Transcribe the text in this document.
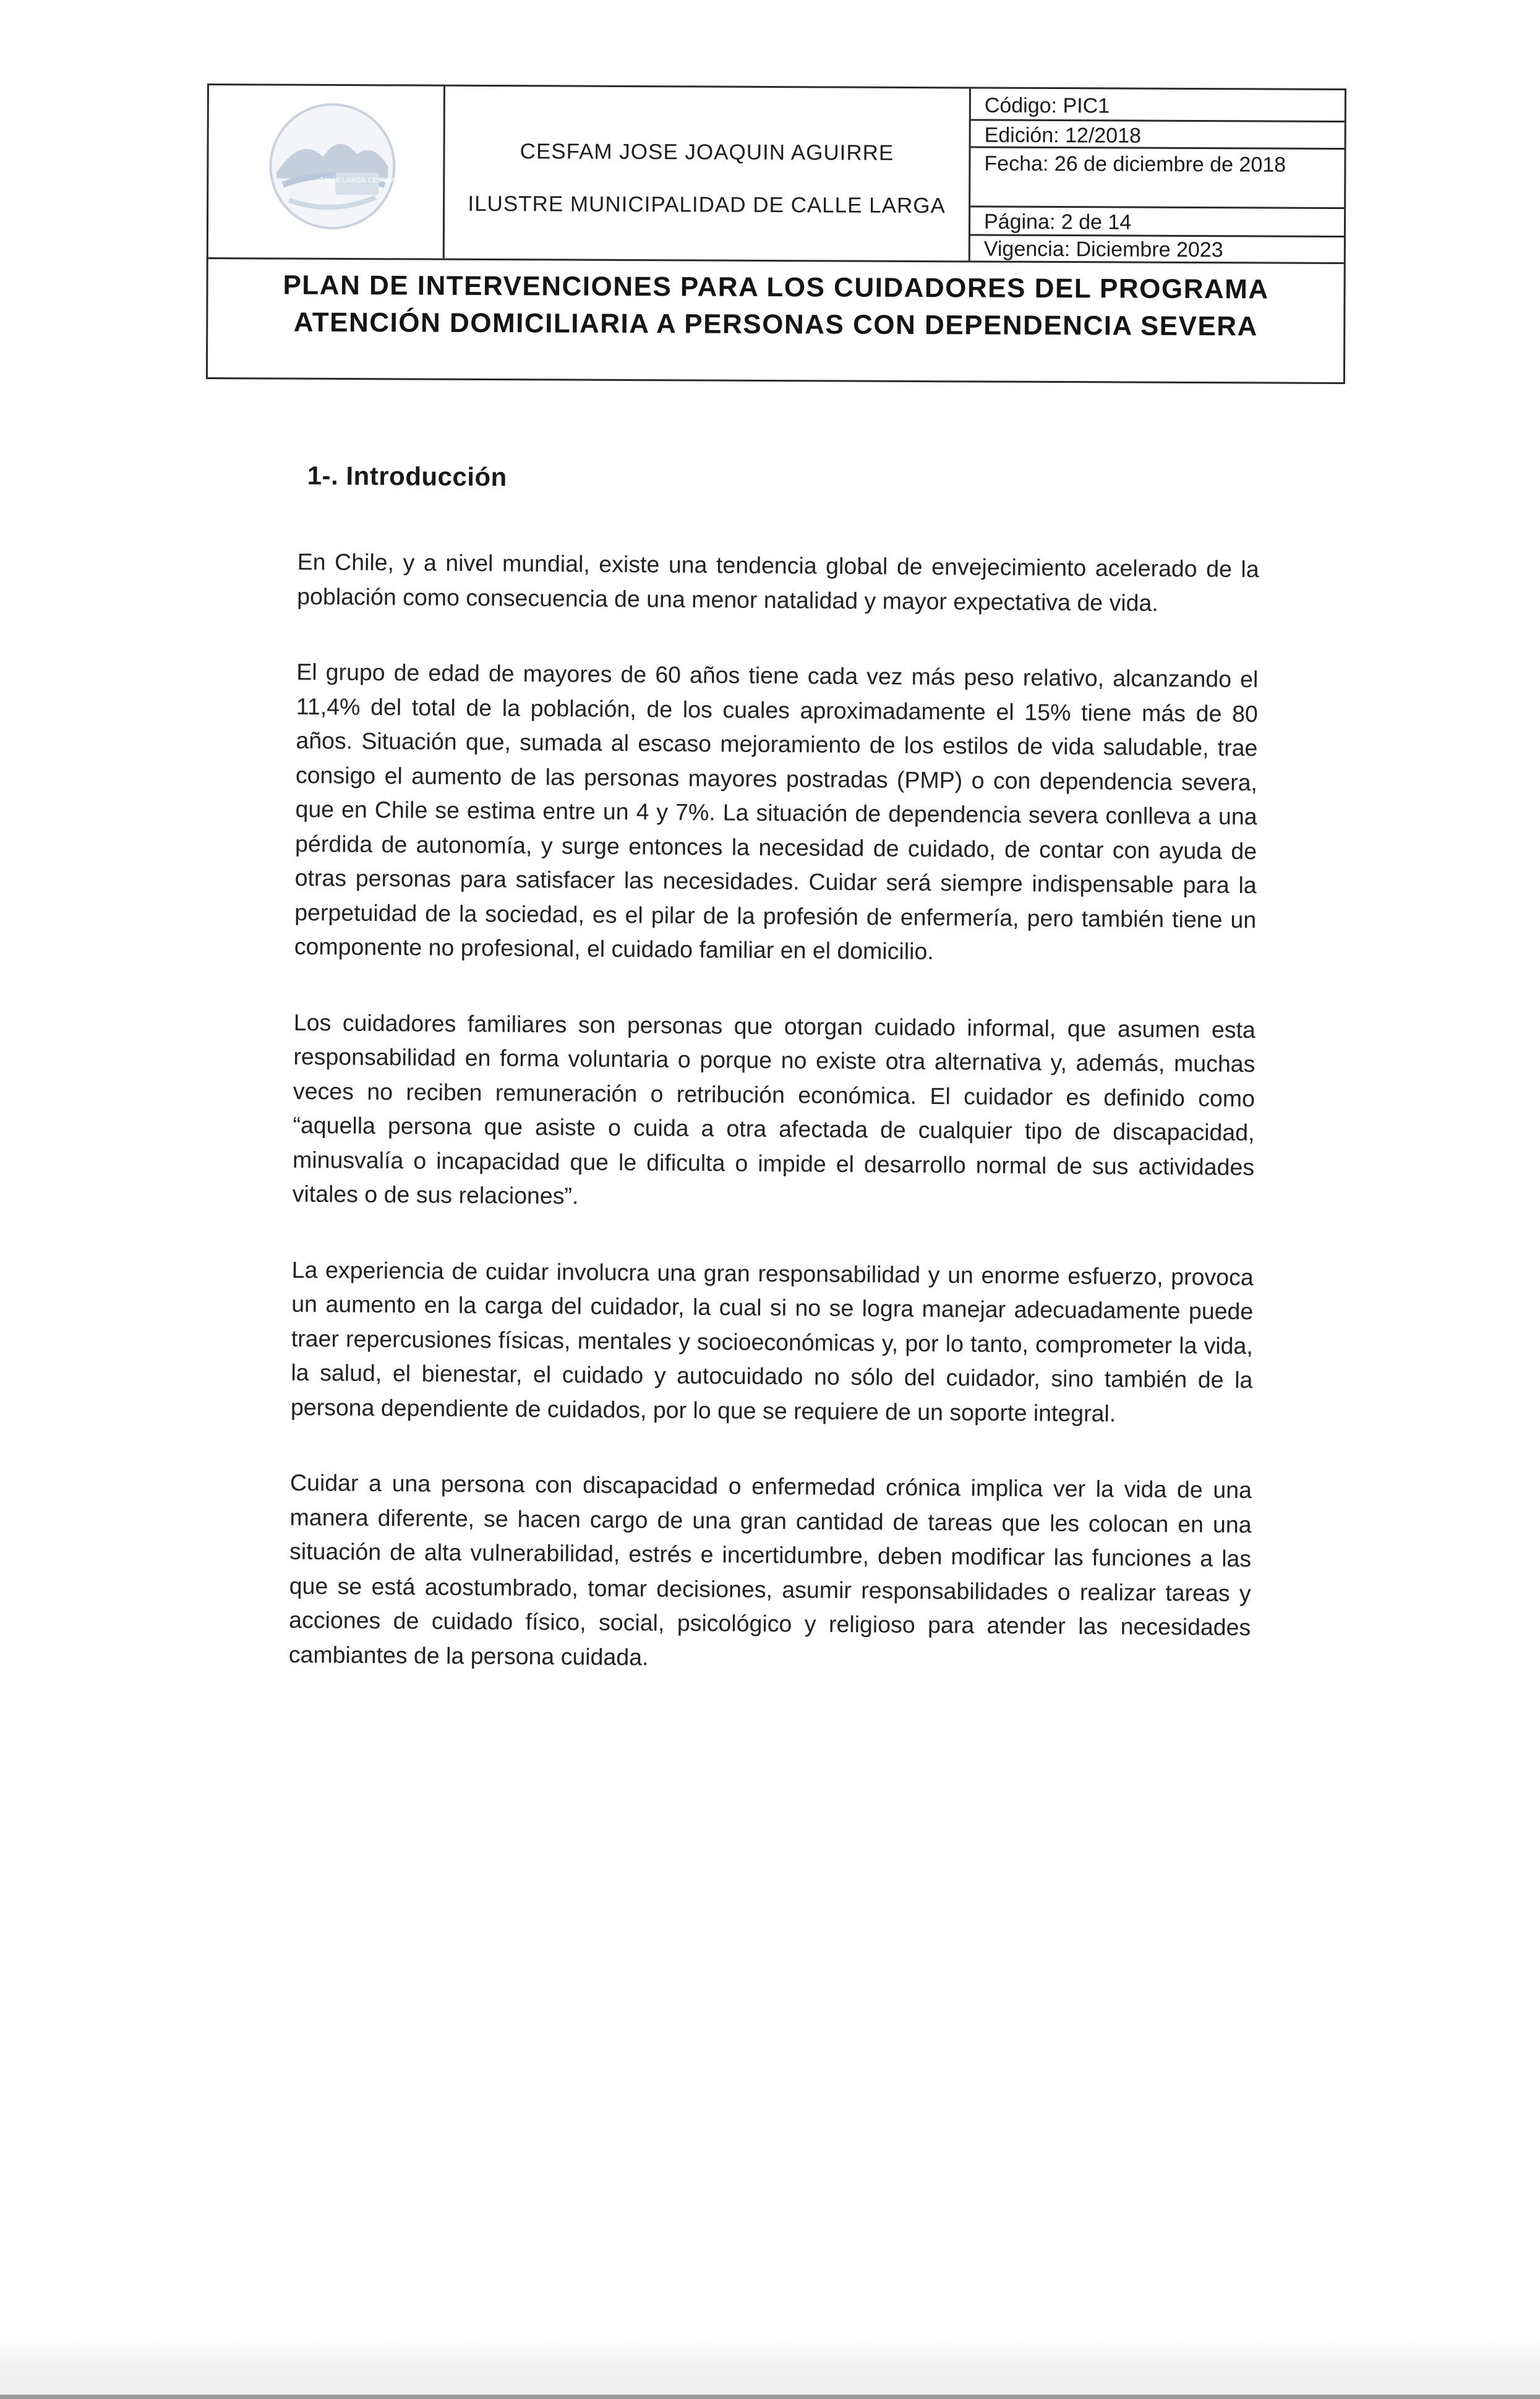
CALLE LARGA CESFAM
CESFAM JOSE JOAQUIN AGUIRRE
ILUSTRE MUNICIPALIDAD DE CALLE LARGA
Código: PIC1
Edición: 12/2018
Fecha: 26 de diciembre de 2018
Página: 2 de 14
Vigencia: Diciembre 2023
PLAN DE INTERVENCIONES PARA LOS CUIDADORES DEL PROGRAMA
ATENCIÓN DOMICILIARIA A PERSONAS CON DEPENDENCIA SEVERA
1-. Introducción

En Chile, y a nivel mundial, existe una tendencia global de envejecimiento acelerado de la población como consecuencia de una menor natalidad y mayor expectativa de vida.

El grupo de edad de mayores de 60 años tiene cada vez más peso relativo, alcanzando el 11,4% del total de la población, de los cuales aproximadamente el 15% tiene más de 80 años. Situación que, sumada al escaso mejoramiento de los estilos de vida saludable, trae consigo el aumento de las personas mayores postradas (PMP) o con dependencia severa, que en Chile se estima entre un 4 y 7%. La situación de dependencia severa conlleva a una pérdida de autonomía, y surge entonces la necesidad de cuidado, de contar con ayuda de otras personas para satisfacer las necesidades. Cuidar será siempre indispensable para la perpetuidad de la sociedad, es el pilar de la profesión de enfermería, pero también tiene un componente no profesional, el cuidado familiar en el domicilio.

Los cuidadores familiares son personas que otorgan cuidado informal, que asumen esta responsabilidad en forma voluntaria o porque no existe otra alternativa y, además, muchas veces no reciben remuneración o retribución económica. El cuidador es definido como “aquella persona que asiste o cuida a otra afectada de cualquier tipo de discapacidad, minusvalía o incapacidad que le dificulta o impide el desarrollo normal de sus actividades vitales o de sus relaciones”.

La experiencia de cuidar involucra una gran responsabilidad y un enorme esfuerzo, provoca un aumento en la carga del cuidador, la cual si no se logra manejar adecuadamente puede traer repercusiones físicas, mentales y socioeconómicas y, por lo tanto, comprometer la vida, la salud, el bienestar, el cuidado y autocuidado no sólo del cuidador, sino también de la persona dependiente de cuidados, por lo que se requiere de un soporte integral.

Cuidar a una persona con discapacidad o enfermedad crónica implica ver la vida de una manera diferente, se hacen cargo de una gran cantidad de tareas que les colocan en una situación de alta vulnerabilidad, estrés e incertidumbre, deben modificar las funciones a las que se está acostumbrado, tomar decisiones, asumir responsabilidades o realizar tareas y acciones de cuidado físico, social, psicológico y religioso para atender las necesidades cambiantes de la persona cuidada.
